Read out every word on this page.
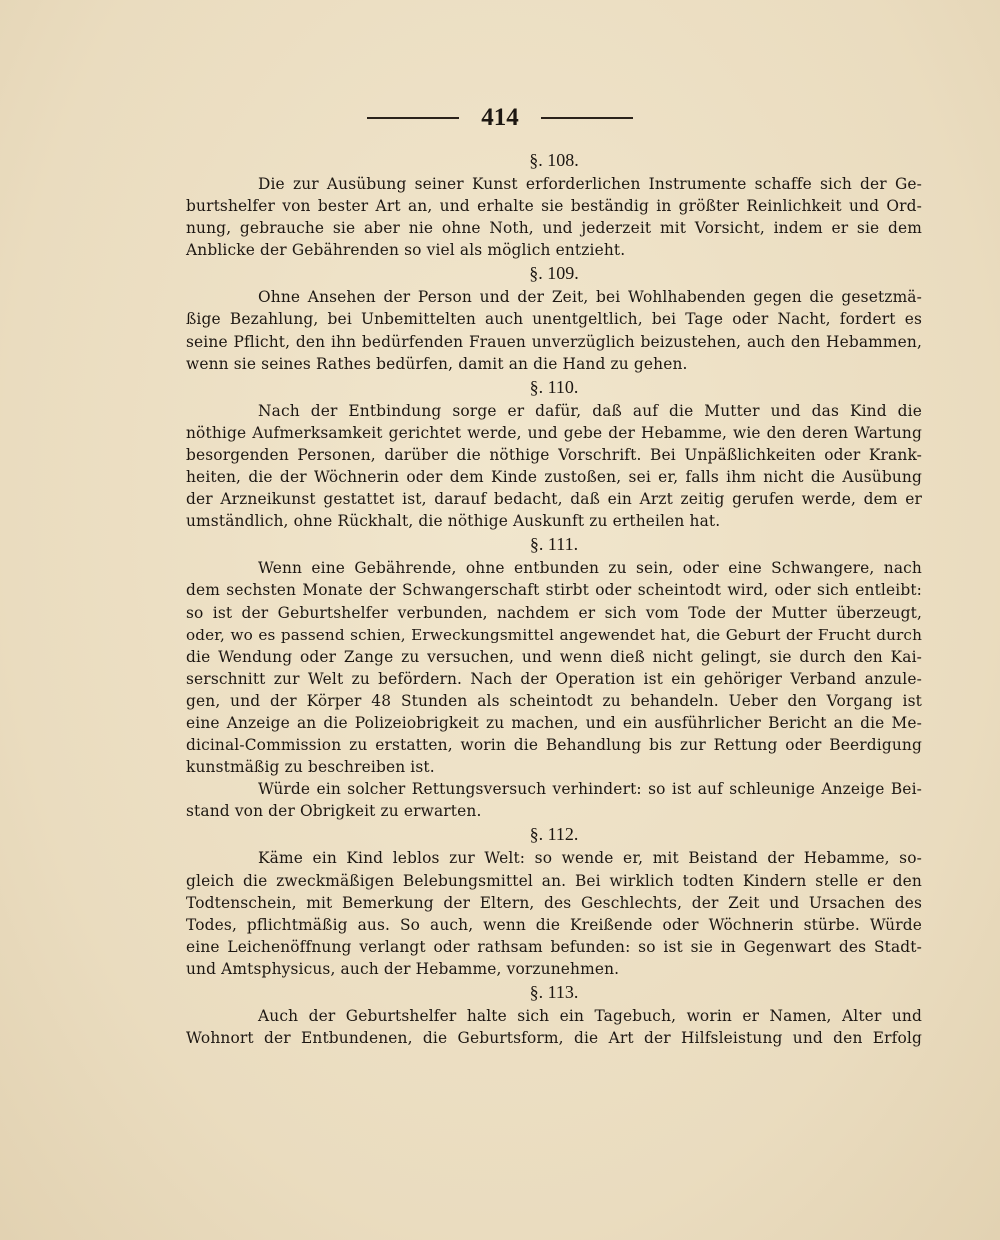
414
§. 108.

Die zur Ausübung seiner Kunst erforderlichen Instrumente schaffe sich der Ge-

burtshelfer von bester Art an, und erhalte sie beständig in größter Reinlichkeit und Ord-

nung, gebrauche sie aber nie ohne Noth, und jederzeit mit Vorsicht, indem er sie dem

Anblicke der Gebährenden so viel als möglich entzieht.

§. 109.

Ohne Ansehen der Person und der Zeit, bei Wohlhabenden gegen die gesetzmä-

ßige Bezahlung, bei Unbemittelten auch unentgeltlich, bei Tage oder Nacht, fordert es

seine Pflicht, den ihn bedürfenden Frauen unverzüglich beizustehen, auch den Hebammen,

wenn sie seines Rathes bedürfen, damit an die Hand zu gehen.

§. 110.

Nach der Entbindung sorge er dafür, daß auf die Mutter und das Kind die

nöthige Aufmerksamkeit gerichtet werde, und gebe der Hebamme, wie den deren Wartung

besorgenden Personen, darüber die nöthige Vorschrift. Bei Unpäßlichkeiten oder Krank-

heiten, die der Wöchnerin oder dem Kinde zustoßen, sei er, falls ihm nicht die Ausübung

der Arzneikunst gestattet ist, darauf bedacht, daß ein Arzt zeitig gerufen werde, dem er

umständlich, ohne Rückhalt, die nöthige Auskunft zu ertheilen hat.

§. 111.

Wenn eine Gebährende, ohne entbunden zu sein, oder eine Schwangere, nach

dem sechsten Monate der Schwangerschaft stirbt oder scheintodt wird, oder sich entleibt:

so ist der Geburtshelfer verbunden, nachdem er sich vom Tode der Mutter überzeugt,

oder, wo es passend schien, Erweckungsmittel angewendet hat, die Geburt der Frucht durch

die Wendung oder Zange zu versuchen, und wenn dieß nicht gelingt, sie durch den Kai-

serschnitt zur Welt zu befördern. Nach der Operation ist ein gehöriger Verband anzule-

gen, und der Körper 48 Stunden als scheintodt zu behandeln. Ueber den Vorgang ist

eine Anzeige an die Polizeiobrigkeit zu machen, und ein ausführlicher Bericht an die Me-

dicinal-Commission zu erstatten, worin die Behandlung bis zur Rettung oder Beerdigung

kunstmäßig zu beschreiben ist.

Würde ein solcher Rettungsversuch verhindert: so ist auf schleunige Anzeige Bei-

stand von der Obrigkeit zu erwarten.

§. 112.

Käme ein Kind leblos zur Welt: so wende er, mit Beistand der Hebamme, so-

gleich die zweckmäßigen Belebungsmittel an. Bei wirklich todten Kindern stelle er den

Todtenschein, mit Bemerkung der Eltern, des Geschlechts, der Zeit und Ursachen des

Todes, pflichtmäßig aus. So auch, wenn die Kreißende oder Wöchnerin stürbe. Würde

eine Leichenöffnung verlangt oder rathsam befunden: so ist sie in Gegenwart des Stadt-

und Amtsphysicus, auch der Hebamme, vorzunehmen.

§. 113.

Auch der Geburtshelfer halte sich ein Tagebuch, worin er Namen, Alter und

Wohnort der Entbundenen, die Geburtsform, die Art der Hilfsleistung und den Erfolg
